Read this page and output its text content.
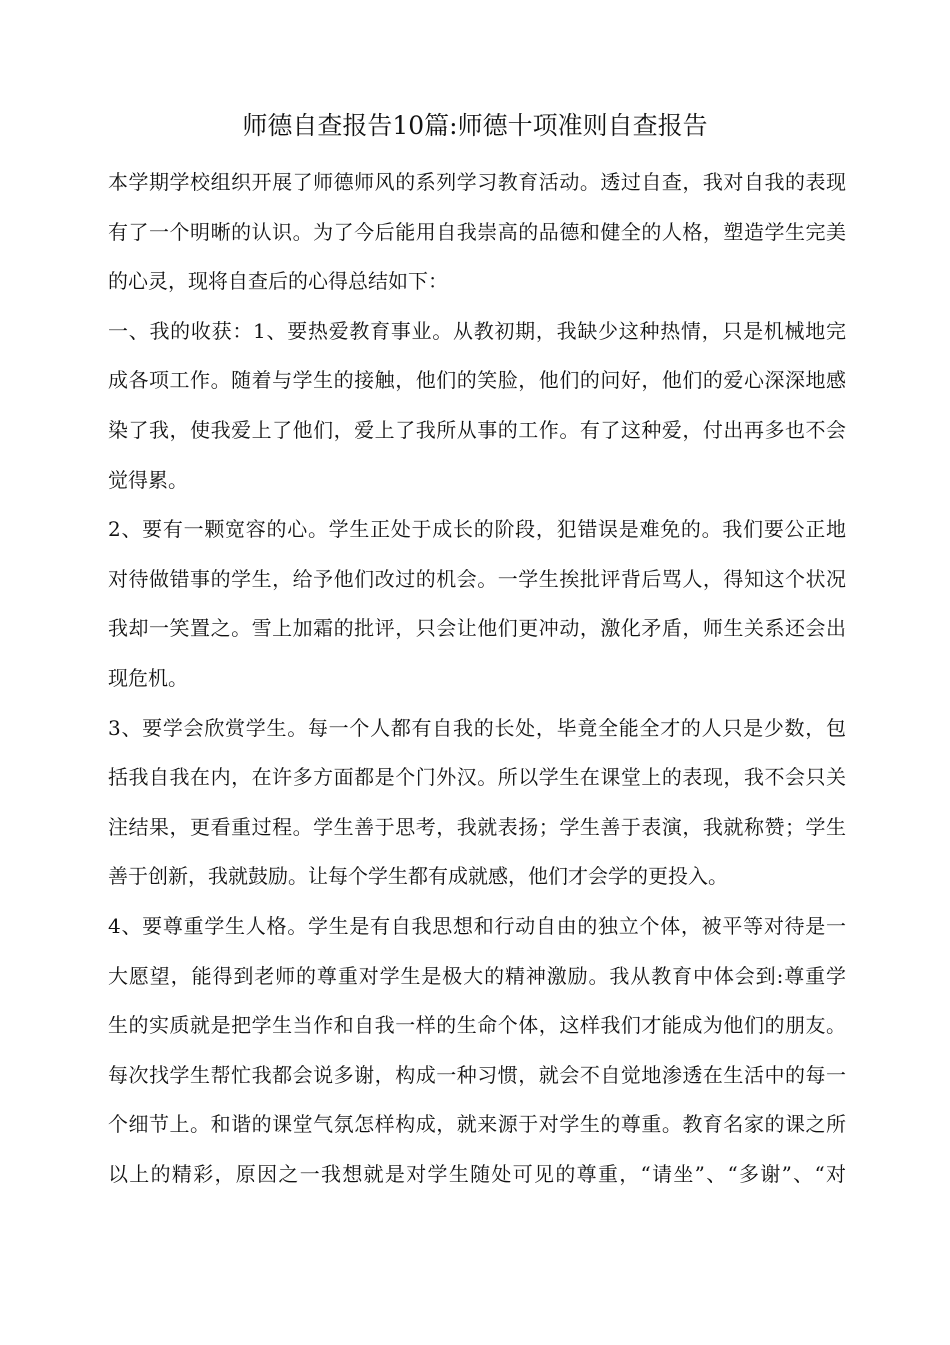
师德自查报告10篇:师德十项准则自查报告
本学期学校组织开展了师德师风的系列学习教育活动。透过自查，我对自我的表现
有了一个明晰的认识。为了今后能用自我崇高的品德和健全的人格，塑造学生完美
的心灵，现将自查后的心得总结如下：
一、我的收获：1、要热爱教育事业。从教初期，我缺少这种热情，只是机械地完
成各项工作。随着与学生的接触，他们的笑脸，他们的问好，他们的爱心深深地感
染了我，使我爱上了他们，爱上了我所从事的工作。有了这种爱，付出再多也不会
觉得累。
2、要有一颗宽容的心。学生正处于成长的阶段，犯错误是难免的。我们要公正地
对待做错事的学生，给予他们改过的机会。一学生挨批评背后骂人，得知这个状况
我却一笑置之。雪上加霜的批评，只会让他们更冲动，激化矛盾，师生关系还会出
现危机。
3、要学会欣赏学生。每一个人都有自我的长处，毕竟全能全才的人只是少数，包
括我自我在内，在许多方面都是个门外汉。所以学生在课堂上的表现，我不会只关
注结果，更看重过程。学生善于思考，我就表扬；学生善于表演，我就称赞；学生
善于创新，我就鼓励。让每个学生都有成就感，他们才会学的更投入。
4、要尊重学生人格。学生是有自我思想和行动自由的独立个体，被平等对待是一
大愿望，能得到老师的尊重对学生是极大的精神激励。我从教育中体会到:尊重学
生的实质就是把学生当作和自我一样的生命个体，这样我们才能成为他们的朋友。
每次找学生帮忙我都会说多谢，构成一种习惯，就会不自觉地渗透在生活中的每一
个细节上。和谐的课堂气氛怎样构成，就来源于对学生的尊重。教育名家的课之所
以上的精彩，原因之一我想就是对学生随处可见的尊重，“请坐”、“多谢”、“对
